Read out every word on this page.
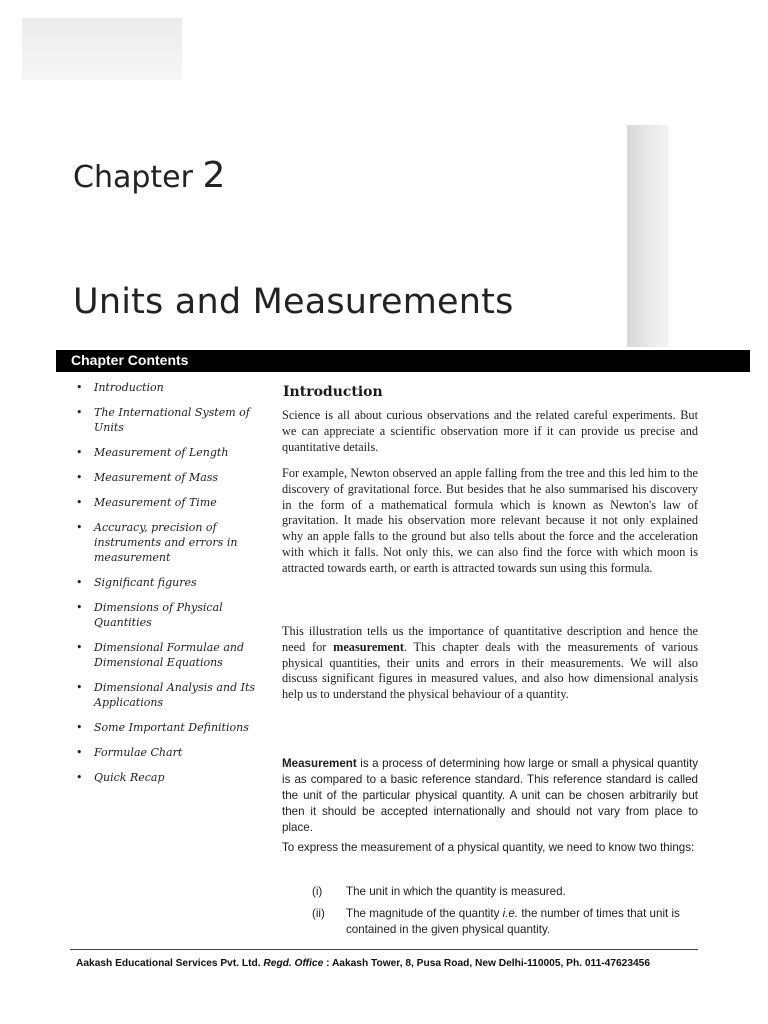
Chapter 2
Units and Measurements
Chapter Contents
• Introduction
• The International System of Units
• Measurement of Length
• Measurement of Mass
• Measurement of Time
• Accuracy, precision of instruments and errors in measurement
• Significant figures
• Dimensions of Physical Quantities
• Dimensional Formulae and Dimensional Equations
• Dimensional Analysis and Its Applications
• Some Important Definitions
• Formulae Chart
• Quick Recap
Introduction

Science is all about curious observations and the related careful experiments. But we can appreciate a scientific observation more if it can provide us precise and quantitative details.

For example, Newton observed an apple falling from the tree and this led him to the discovery of gravitational force. But besides that he also summarised his discovery in the form of a mathematical formula which is known as Newton's law of gravitation. It made his observation more relevant because it not only explained why an apple falls to the ground but also tells about the force and the acceleration with which it falls. Not only this, we can also find the force with which moon is attracted towards earth, or earth is attracted towards sun using this formula.

This illustration tells us the importance of quantitative description and hence the need for measurement. This chapter deals with the measurements of various physical quantities, their units and errors in their measurements. We will also discuss significant figures in measured values, and also how dimensional analysis help us to understand the physical behaviour of a quantity.

Measurement is a process of determining how large or small a physical quantity is as compared to a basic reference standard. This reference standard is called the unit of the particular physical quantity. A unit can be chosen arbitrarily but then it should be accepted internationally and should not vary from place to place.

To express the measurement of a physical quantity, we need to know two things:

(i) The unit in which the quantity is measured.
(ii) The magnitude of the quantity i.e. the number of times that unit is contained in the given physical quantity.
Aakash Educational Services Pvt. Ltd. Regd. Office : Aakash Tower, 8, Pusa Road, New Delhi-110005, Ph. 011-47623456
